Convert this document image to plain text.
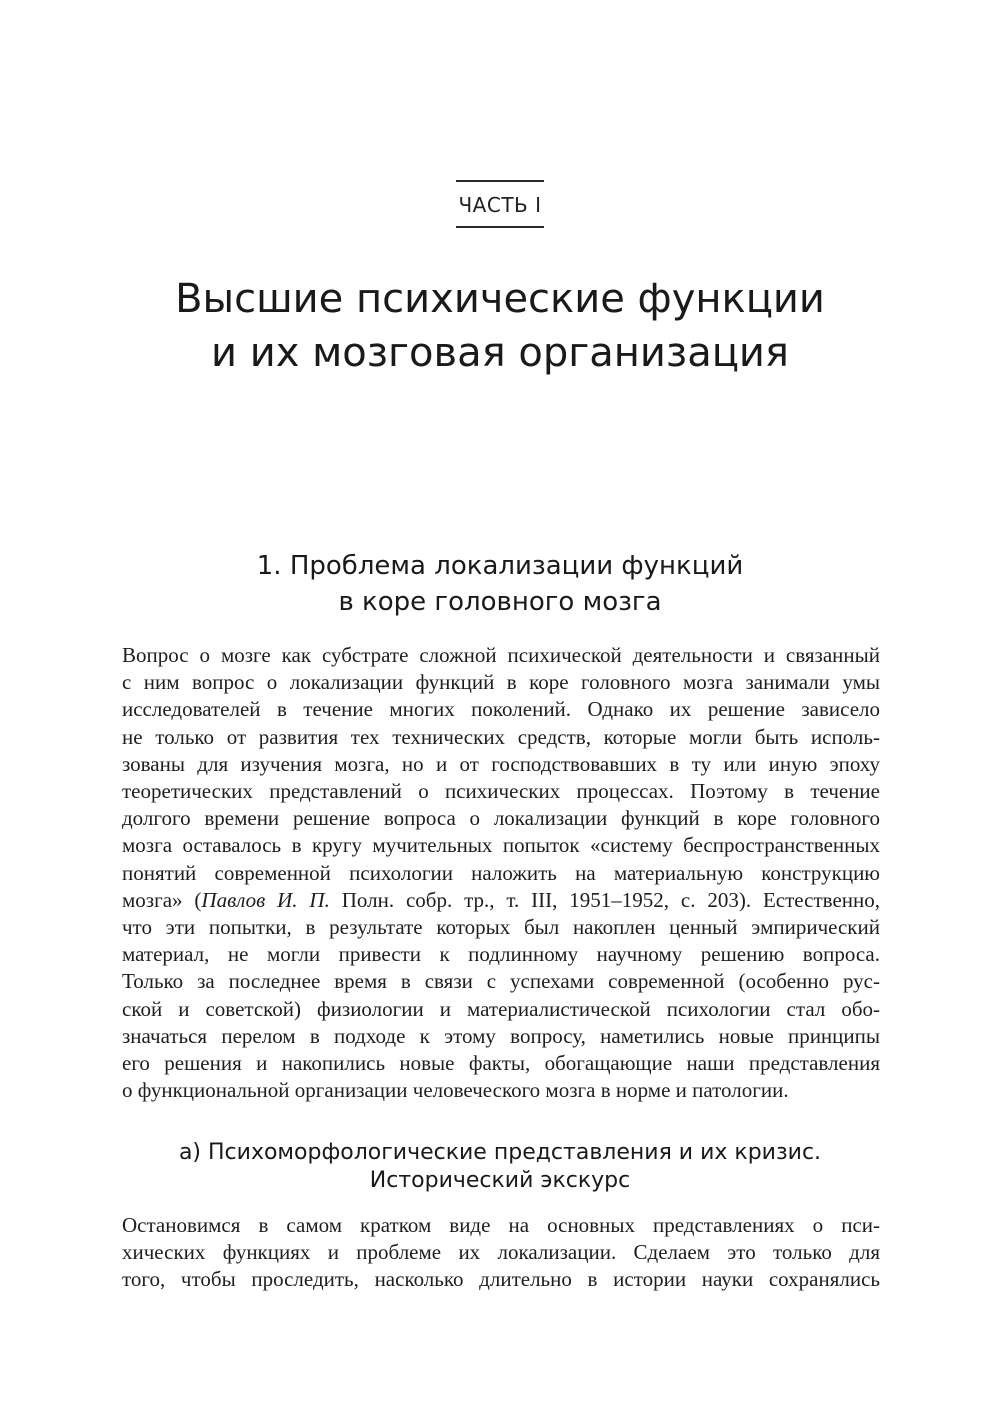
ЧАСТЬ I
Высшие психические функции
и их мозговая организация
1. Проблема локализации функций
в коре головного мозга
Вопрос о мозге как субстрате сложной психической деятельности и связанный
с ним вопрос о локализации функций в коре головного мозга занимали умы
исследователей в течение многих поколений. Однако их решение зависело
не только от развития тех технических средств, которые могли быть исполь-
зованы для изучения мозга, но и от господствовавших в ту или иную эпоху
теоретических представлений о психических процессах. Поэтому в течение
долгого времени решение вопроса о локализации функций в коре головного
мозга оставалось в кругу мучительных попыток «систему беспространственных
понятий современной психологии наложить на материальную конструкцию
мозга» (Павлов И. П. Полн. собр. тр., т. III, 1951–1952, с. 203). Естественно,
что эти попытки, в результате которых был накоплен ценный эмпирический
материал, не могли привести к подлинному научному решению вопроса.
Только за последнее время в связи с успехами современной (особенно рус-
ской и советской) физиологии и материалистической психологии стал обо-
значаться перелом в подходе к этому вопросу, наметились новые принципы
его решения и накопились новые факты, обогащающие наши представления
о функциональной организации человеческого мозга в норме и патологии.
а) Психоморфологические представления и их кризис.
Исторический экскурс
Остановимся в самом кратком виде на основных представлениях о пси-
хических функциях и проблеме их локализации. Сделаем это только для
того, чтобы проследить, насколько длительно в истории науки сохранялись
